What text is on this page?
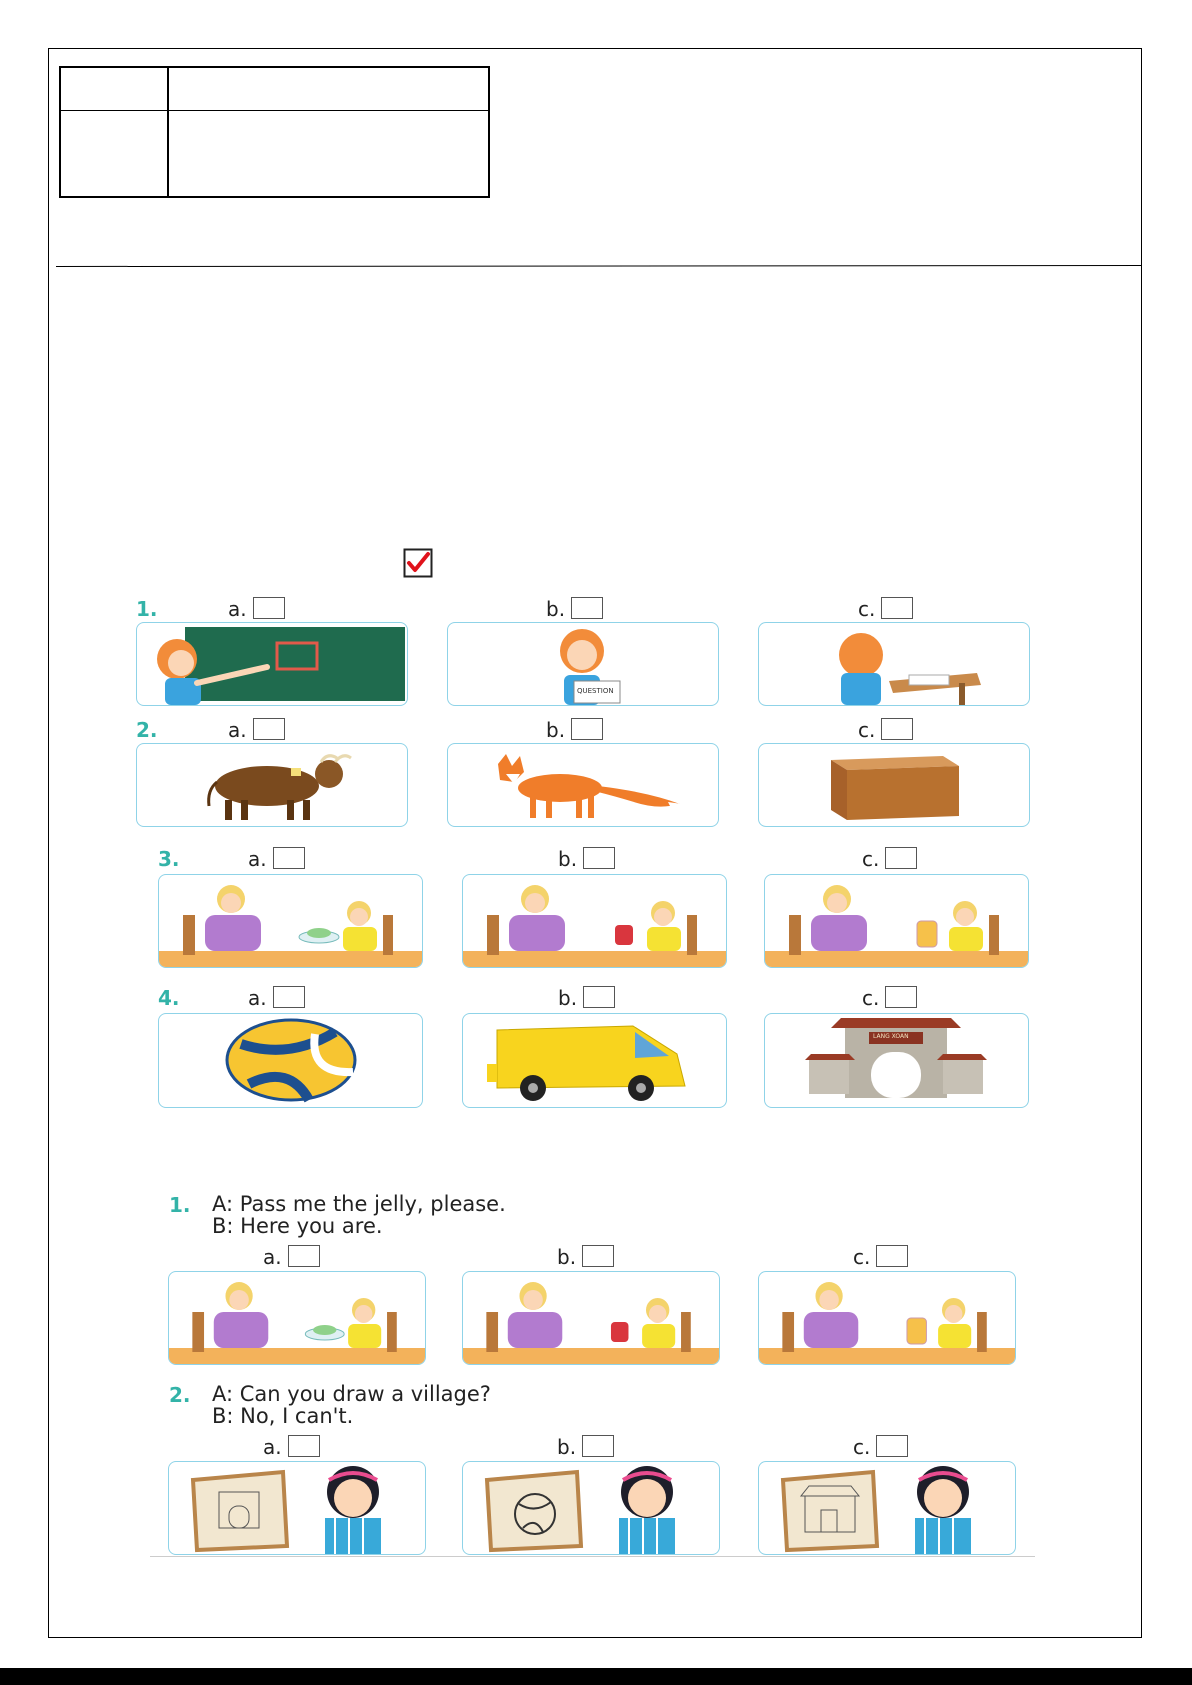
1.	a.	b.	c.
QUESTION
2.	a.	b.	c.
3.	a.	b.	c.
4.	a.	b.	c.
LANG XOAN
1. A: Pass me the jelly, please.
B: Here you are.
a.	b.	c.
2. A: Can you draw a village?
B: No, I can't.
a.	b.	c.
